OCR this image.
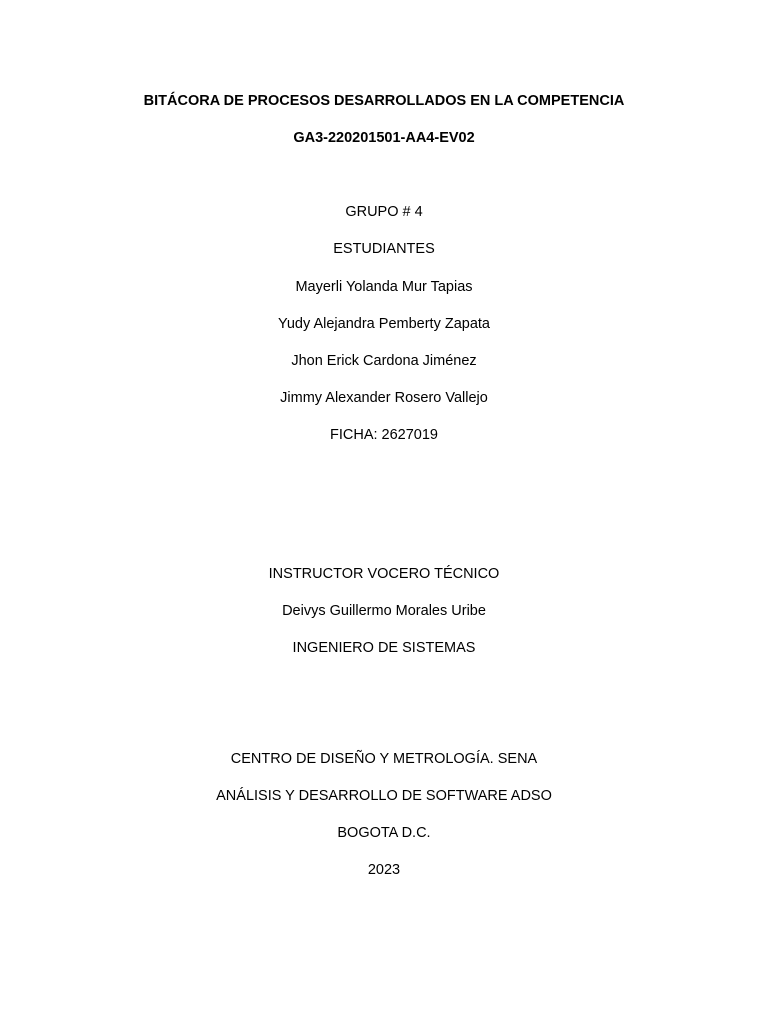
BITÁCORA DE PROCESOS DESARROLLADOS EN LA COMPETENCIA
GA3-220201501-AA4-EV02
GRUPO # 4
ESTUDIANTES
Mayerli Yolanda Mur Tapias
Yudy Alejandra Pemberty Zapata
Jhon Erick Cardona Jiménez
Jimmy Alexander Rosero Vallejo
FICHA: 2627019
INSTRUCTOR VOCERO TÉCNICO
Deivys Guillermo Morales Uribe
INGENIERO DE SISTEMAS
CENTRO DE DISEÑO Y METROLOGÍA. SENA
ANÁLISIS Y DESARROLLO DE SOFTWARE ADSO
BOGOTA D.C.
2023
